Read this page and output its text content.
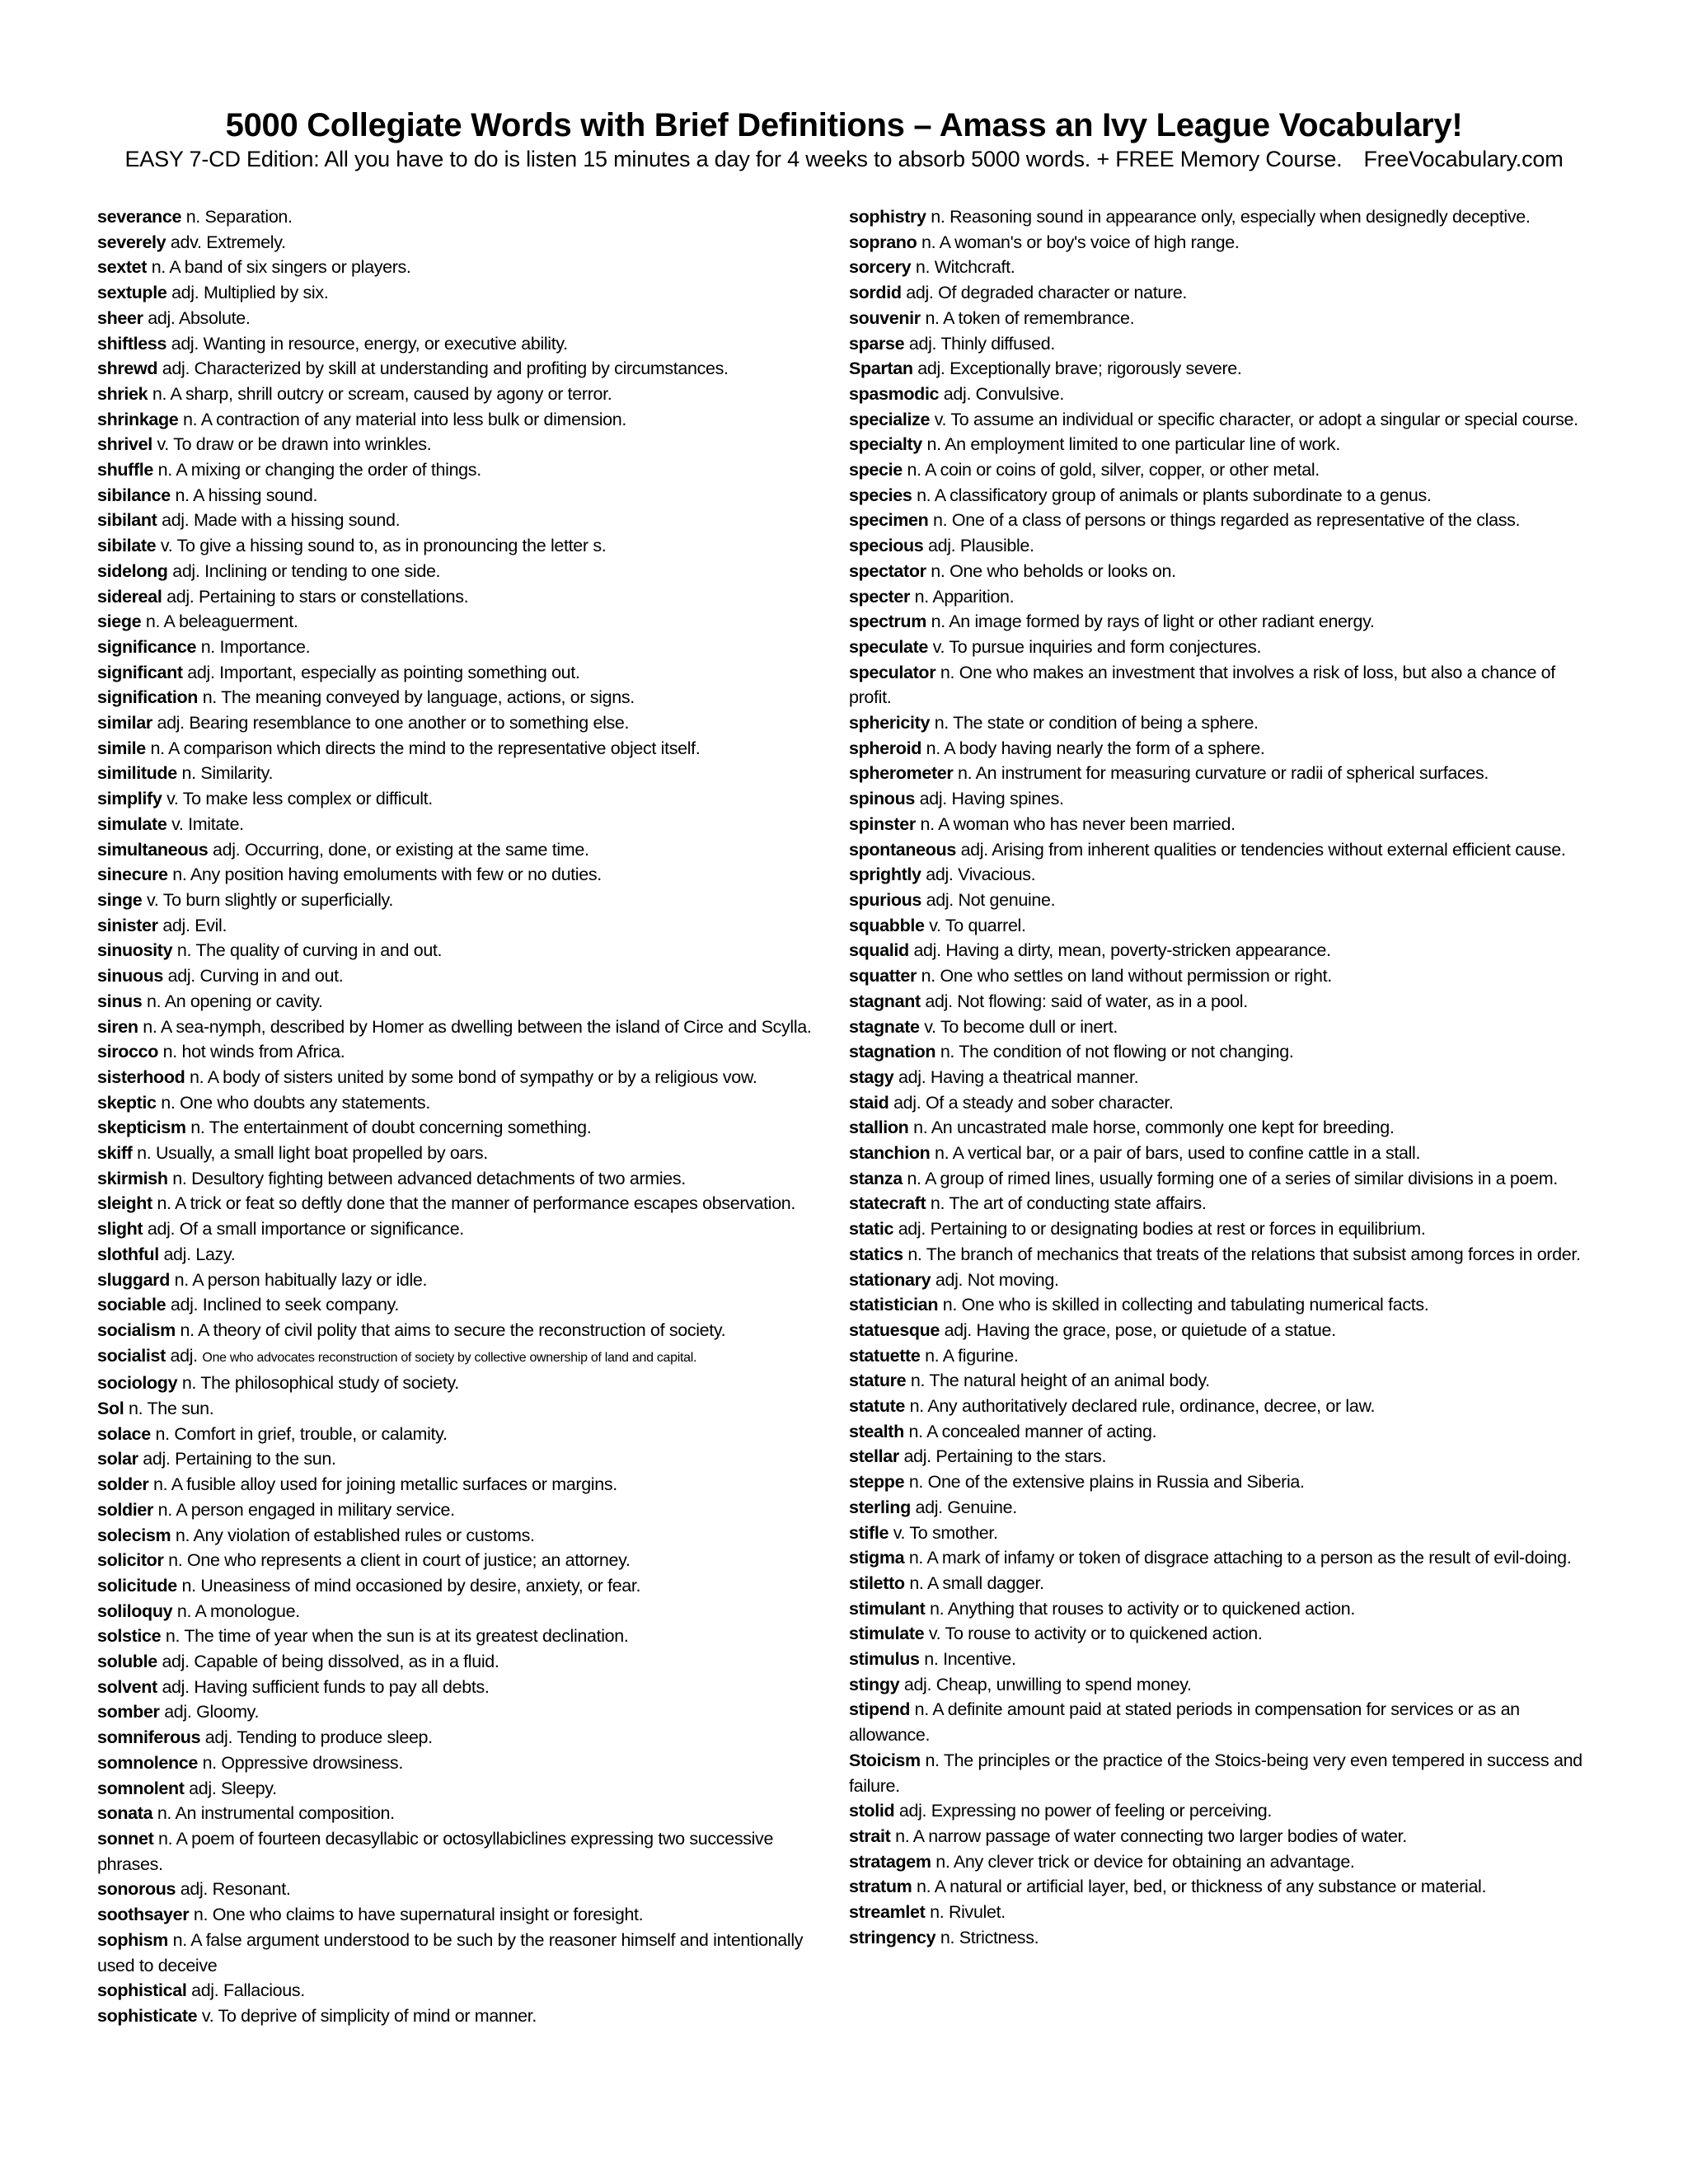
5000 Collegiate Words with Brief Definitions – Amass an Ivy League Vocabulary!
EASY 7-CD Edition: All you have to do is listen 15 minutes a day for 4 weeks to absorb 5000 words. + FREE Memory Course. FreeVocabulary.com
severance n. Separation.
severely adv. Extremely.
sextet n. A band of six singers or players.
sextuple adj. Multiplied by six.
sheer adj. Absolute.
shiftless adj. Wanting in resource, energy, or executive ability.
shrewd adj. Characterized by skill at understanding and profiting by circumstances.
shriek n. A sharp, shrill outcry or scream, caused by agony or terror.
shrinkage n. A contraction of any material into less bulk or dimension.
shrivel v. To draw or be drawn into wrinkles.
shuffle n. A mixing or changing the order of things.
sibilance n. A hissing sound.
sibilant adj. Made with a hissing sound.
sibilate v. To give a hissing sound to, as in pronouncing the letter s.
sidelong adj. Inclining or tending to one side.
sidereal adj. Pertaining to stars or constellations.
siege n. A beleaguerment.
significance n. Importance.
significant adj. Important, especially as pointing something out.
signification n. The meaning conveyed by language, actions, or signs.
similar adj. Bearing resemblance to one another or to something else.
simile n. A comparison which directs the mind to the representative object itself.
similitude n. Similarity.
simplify v. To make less complex or difficult.
simulate v. Imitate.
simultaneous adj. Occurring, done, or existing at the same time.
sinecure n. Any position having emoluments with few or no duties.
singe v. To burn slightly or superficially.
sinister adj. Evil.
sinuosity n. The quality of curving in and out.
sinuous adj. Curving in and out.
sinus n. An opening or cavity.
siren n. A sea-nymph, described by Homer as dwelling between the island of Circe and Scylla.
sirocco n. hot winds from Africa.
sisterhood n. A body of sisters united by some bond of sympathy or by a religious vow.
skeptic n. One who doubts any statements.
skepticism n. The entertainment of doubt concerning something.
skiff n. Usually, a small light boat propelled by oars.
skirmish n. Desultory fighting between advanced detachments of two armies.
sleight n. A trick or feat so deftly done that the manner of performance escapes observation.
slight adj. Of a small importance or significance.
slothful adj. Lazy.
sluggard n. A person habitually lazy or idle.
sociable adj. Inclined to seek company.
socialism n. A theory of civil polity that aims to secure the reconstruction of society.
socialist adj. One who advocates reconstruction of society by collective ownership of land and capital.
sociology n. The philosophical study of society.
Sol n. The sun.
solace n. Comfort in grief, trouble, or calamity.
solar adj. Pertaining to the sun.
solder n. A fusible alloy used for joining metallic surfaces or margins.
soldier n. A person engaged in military service.
solecism n. Any violation of established rules or customs.
solicitor n. One who represents a client in court of justice; an attorney.
solicitude n. Uneasiness of mind occasioned by desire, anxiety, or fear.
soliloquy n. A monologue.
solstice n. The time of year when the sun is at its greatest declination.
soluble adj. Capable of being dissolved, as in a fluid.
solvent adj. Having sufficient funds to pay all debts.
somber adj. Gloomy.
somniferous adj. Tending to produce sleep.
somnolence n. Oppressive drowsiness.
somnolent adj. Sleepy.
sonata n. An instrumental composition.
sonnet n. A poem of fourteen decasyllabic or octosyllabiclines expressing two successive phrases.
sonorous adj. Resonant.
soothsayer n. One who claims to have supernatural insight or foresight.
sophism n. A false argument understood to be such by the reasoner himself and intentionally used to deceive
sophistical adj. Fallacious.
sophisticate v. To deprive of simplicity of mind or manner.
sophistry n. Reasoning sound in appearance only, especially when designedly deceptive.
soprano n. A woman's or boy's voice of high range.
sorcery n. Witchcraft.
sordid adj. Of degraded character or nature.
souvenir n. A token of remembrance.
sparse adj. Thinly diffused.
Spartan adj. Exceptionally brave; rigorously severe.
spasmodic adj. Convulsive.
specialize v. To assume an individual or specific character, or adopt a singular or special course.
specialty n. An employment limited to one particular line of work.
specie n. A coin or coins of gold, silver, copper, or other metal.
species n. A classificatory group of animals or plants subordinate to a genus.
specimen n. One of a class of persons or things regarded as representative of the class.
specious adj. Plausible.
spectator n. One who beholds or looks on.
specter n. Apparition.
spectrum n. An image formed by rays of light or other radiant energy.
speculate v. To pursue inquiries and form conjectures.
speculator n. One who makes an investment that involves a risk of loss, but also a chance of profit.
sphericity n. The state or condition of being a sphere.
spheroid n. A body having nearly the form of a sphere.
spherometer n. An instrument for measuring curvature or radii of spherical surfaces.
spinous adj. Having spines.
spinster n. A woman who has never been married.
spontaneous adj. Arising from inherent qualities or tendencies without external efficient cause.
sprightly adj. Vivacious.
spurious adj. Not genuine.
squabble v. To quarrel.
squalid adj. Having a dirty, mean, poverty-stricken appearance.
squatter n. One who settles on land without permission or right.
stagnant adj. Not flowing: said of water, as in a pool.
stagnate v. To become dull or inert.
stagnation n. The condition of not flowing or not changing.
stagy adj. Having a theatrical manner.
staid adj. Of a steady and sober character.
stallion n. An uncastrated male horse, commonly one kept for breeding.
stanchion n. A vertical bar, or a pair of bars, used to confine cattle in a stall.
stanza n. A group of rimed lines, usually forming one of a series of similar divisions in a poem.
statecraft n. The art of conducting state affairs.
static adj. Pertaining to or designating bodies at rest or forces in equilibrium.
statics n. The branch of mechanics that treats of the relations that subsist among forces in order.
stationary adj. Not moving.
statistician n. One who is skilled in collecting and tabulating numerical facts.
statuesque adj. Having the grace, pose, or quietude of a statue.
statuette n. A figurine.
stature n. The natural height of an animal body.
statute n. Any authoritatively declared rule, ordinance, decree, or law.
stealth n. A concealed manner of acting.
stellar adj. Pertaining to the stars.
steppe n. One of the extensive plains in Russia and Siberia.
sterling adj. Genuine.
stifle v. To smother.
stigma n. A mark of infamy or token of disgrace attaching to a person as the result of evil-doing.
stiletto n. A small dagger.
stimulant n. Anything that rouses to activity or to quickened action.
stimulate v. To rouse to activity or to quickened action.
stimulus n. Incentive.
stingy adj. Cheap, unwilling to spend money.
stipend n. A definite amount paid at stated periods in compensation for services or as an allowance.
Stoicism n. The principles or the practice of the Stoics-being very even tempered in success and failure.
stolid adj. Expressing no power of feeling or perceiving.
strait n. A narrow passage of water connecting two larger bodies of water.
stratagem n. Any clever trick or device for obtaining an advantage.
stratum n. A natural or artificial layer, bed, or thickness of any substance or material.
streamlet n. Rivulet.
stringency n. Strictness.
